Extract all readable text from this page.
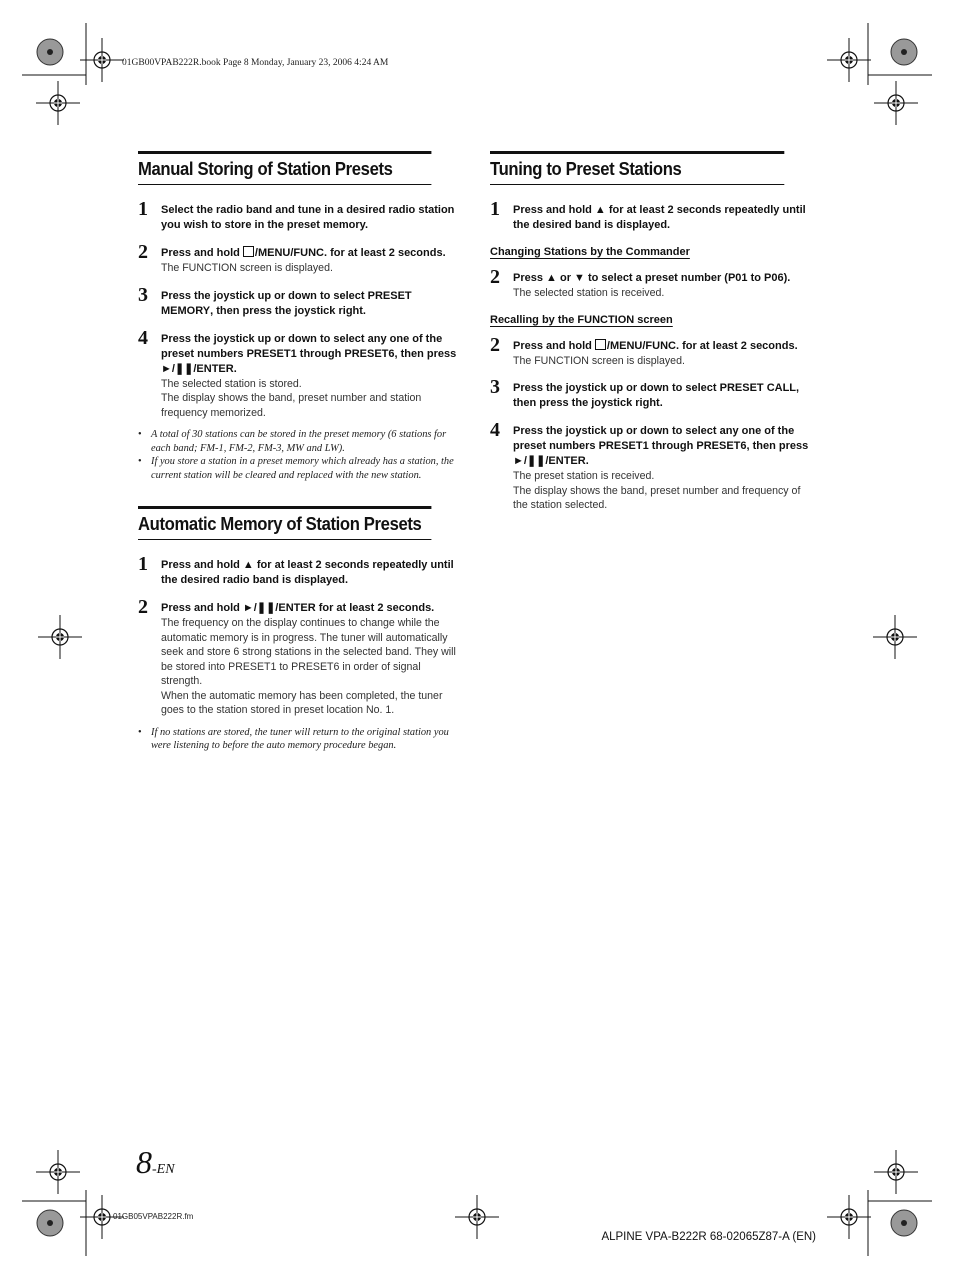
01GB00VPAB222R.book Page 8 Monday, January 23, 2006 4:24 AM
Manual Storing of Station Presets
1 Select the radio band and tune in a desired radio station you wish to store in the preset memory.
2 Press and hold /MENU/FUNC. for at least 2 seconds.
The FUNCTION screen is displayed.
3 Press the joystick up or down to select PRESET MEMORY, then press the joystick right.
4 Press the joystick up or down to select any one of the preset numbers PRESET1 through PRESET6, then press ►/❚❚/ENTER.
The selected station is stored.
The display shows the band, preset number and station frequency memorized.
• A total of 30 stations can be stored in the preset memory (6 stations for each band; FM-1, FM-2, FM-3, MW and LW).
• If you store a station in a preset memory which already has a station, the current station will be cleared and replaced with the new station.
Automatic Memory of Station Presets
1 Press and hold ▲ for at least 2 seconds repeatedly until the desired radio band is displayed.
2 Press and hold ►/❚❚/ENTER for at least 2 seconds.
The frequency on the display continues to change while the automatic memory is in progress. The tuner will automatically seek and store 6 strong stations in the selected band. They will be stored into PRESET1 to PRESET6 in order of signal strength.
When the automatic memory has been completed, the tuner goes to the station stored in preset location No. 1.
• If no stations are stored, the tuner will return to the original station you were listening to before the auto memory procedure began.
Tuning to Preset Stations
1 Press and hold ▲ for at least 2 seconds repeatedly until the desired band is displayed.
Changing Stations by the Commander
2 Press ▲ or ▼ to select a preset number (P01 to P06).
The selected station is received.
Recalling by the FUNCTION screen
2 Press and hold /MENU/FUNC. for at least 2 seconds.
The FUNCTION screen is displayed.
3 Press the joystick up or down to select PRESET CALL, then press the joystick right.
4 Press the joystick up or down to select any one of the preset numbers PRESET1 through PRESET6, then press ►/❚❚/ENTER.
The preset station is received.
The display shows the band, preset number and frequency of the station selected.
8-EN
01GB05VPAB222R.fm
ALPINE VPA-B222R 68-02065Z87-A (EN)
